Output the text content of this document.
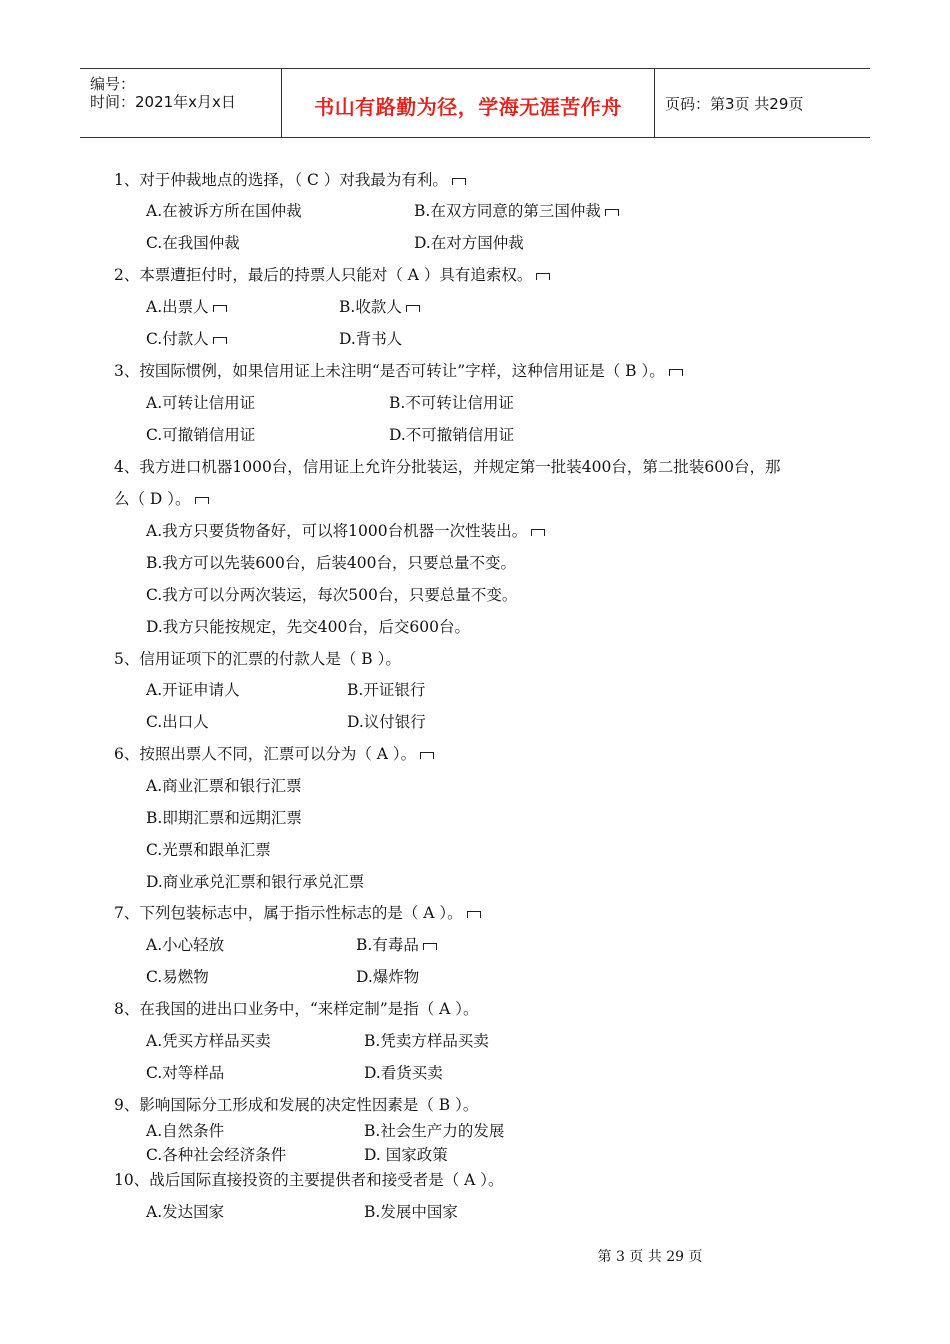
编号：
时间：2021年x月x日	书山有路勤为径，学海无涯苦作舟	页码：第3页 共29页
1、对于仲裁地点的选择，（ C ）对我最为有利。
A.在被诉方所在国仲裁	B.在双方同意的第三国仲裁
C.在我国仲裁	D.在对方国仲裁
2、本票遭拒付时，最后的持票人只能对（ A ）具有追索权。
A.出票人	B.收款人
C.付款人	D.背书人
3、按国际惯例，如果信用证上未注明“是否可转让”字样，这种信用证是（ B ）。
A.可转让信用证	B.不可转让信用证
C.可撤销信用证	D.不可撤销信用证
4、我方进口机器1000台，信用证上允许分批装运，并规定第一批装400台，第二批装600台，那
么（ D ）。
A.我方只要货物备好，可以将1000台机器一次性装出。
B.我方可以先装600台，后装400台，只要总量不变。
C.我方可以分两次装运，每次500台，只要总量不变。
D.我方只能按规定，先交400台，后交600台。
5、信用证项下的汇票的付款人是（ B ）。
A.开证申请人	B.开证银行
C.出口人	D.议付银行
6、按照出票人不同，汇票可以分为（ A ）。
A.商业汇票和银行汇票
B.即期汇票和远期汇票
C.光票和跟单汇票
D.商业承兑汇票和银行承兑汇票
7、下列包装标志中，属于指示性标志的是（ A ）。
A.小心轻放	B.有毒品
C.易燃物	D.爆炸物
8、在我国的进出口业务中，“来样定制”是指（ A ）。
A.凭买方样品买卖	B.凭卖方样品买卖
C.对等样品	D.看货买卖
9、影响国际分工形成和发展的决定性因素是（ B ）。
A.自然条件	B.社会生产力的发展
C.各种社会经济条件	D. 国家政策
10、战后国际直接投资的主要提供者和接受者是（ A ）。
A.发达国家	B.发展中国家
第 3 页 共 29 页
